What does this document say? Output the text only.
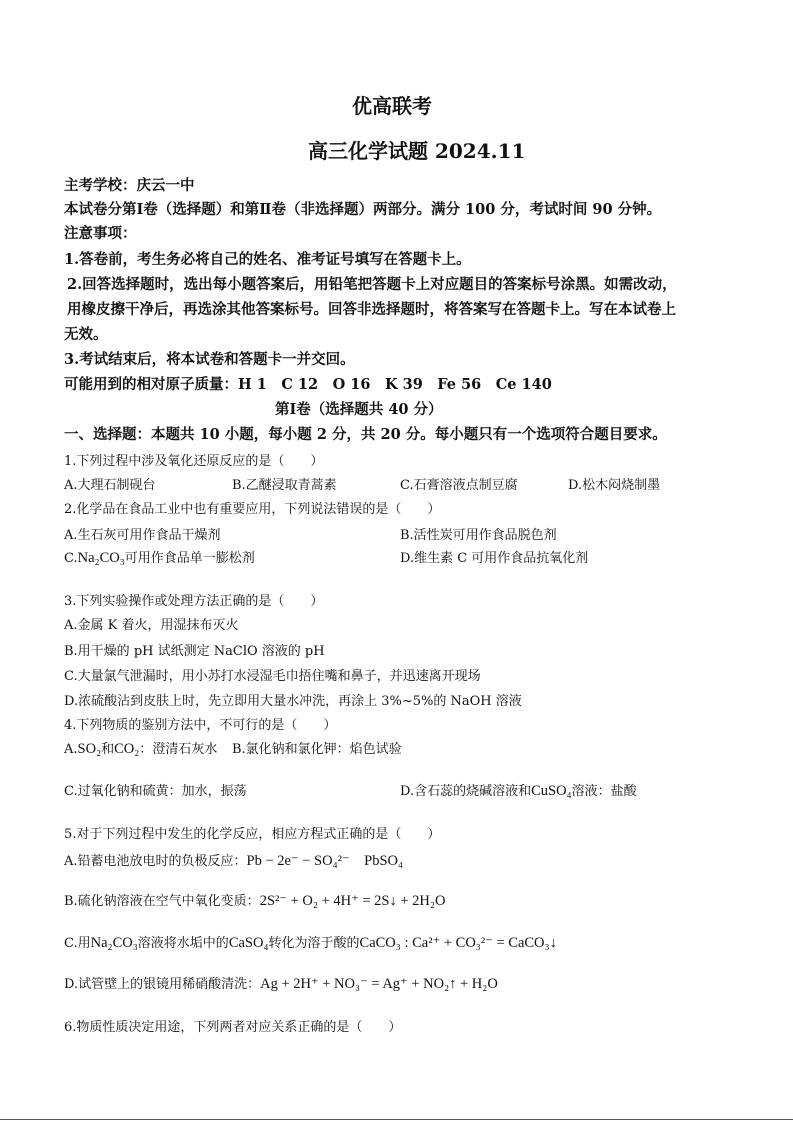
优高联考
高三化学试题 2024.11
主考学校：庆云一中
本试卷分第Ⅰ卷（选择题）和第Ⅱ卷（非选择题）两部分。满分 100 分，考试时间 90 分钟。
注意事项：
1.答卷前，考生务必将自己的姓名、准考证号填写在答题卡上。
2.回答选择题时，选出每小题答案后，用铅笔把答题卡上对应题目的答案标号涂黑。如需改动，
用橡皮擦干净后，再选涂其他答案标号。回答非选择题时，将答案写在答题卡上。写在本试卷上
无效。
3.考试结束后，将本试卷和答题卡一并交回。
可能用到的相对原子质量：H 1　C 12　O 16　K 39　Fe 56　Ce 140
第Ⅰ卷（选择题共 40 分）
一、选择题：本题共 10 小题，每小题 2 分，共 20 分。每小题只有一个选项符合题目要求。
1.下列过程中涉及氧化还原反应的是（　　）
A.大理石制砚台	B.乙醚浸取青蒿素	C.石膏溶液点制豆腐	D.松木闷烧制墨
2.化学品在食品工业中也有重要应用，下列说法错误的是（　　）
A.生石灰可用作食品干燥剂	B.活性炭可用作食品脱色剂
C.Na₂CO₃可用作食品单一膨松剂	D.维生素 C 可用作食品抗氧化剂
3.下列实验操作或处理方法正确的是（　　）
A.金属 K 着火，用湿抹布灭火
B.用干燥的 pH 试纸测定 NaClO 溶液的 pH
C.大量氯气泄漏时，用小苏打水浸湿毛巾捂住嘴和鼻子，并迅速离开现场
D.浓硫酸沾到皮肤上时，先立即用大量水冲洗，再涂上 3%~5%的 NaOH 溶液
4.下列物质的鉴别方法中，不可行的是（　　）
A.SO₂和CO₂：澄清石灰水 B.氯化钠和氯化钾：焰色试验
C.过氧化钠和硫黄：加水，振荡	D.含石蕊的烧碱溶液和CuSO₄溶液：盐酸
5.对于下列过程中发生的化学反应，相应方程式正确的是（　　）
A.铅蓄电池放电时的负极反应：Pb − 2e⁻ − SO₄²⁻　PbSO₄
B.硫化钠溶液在空气中氧化变质：2S²⁻ + O₂ + 4H⁺ = 2S↓ + 2H₂O
C.用Na₂CO₃溶液将水垢中的CaSO₄转化为溶于酸的CaCO₃ : Ca²⁺ + CO₃²⁻ = CaCO₃↓
D.试管壁上的银镜用稀硝酸清洗：Ag + 2H⁺ + NO₃⁻ = Ag⁺ + NO₂↑ + H₂O
6.物质性质决定用途，下列两者对应关系正确的是（　　）
